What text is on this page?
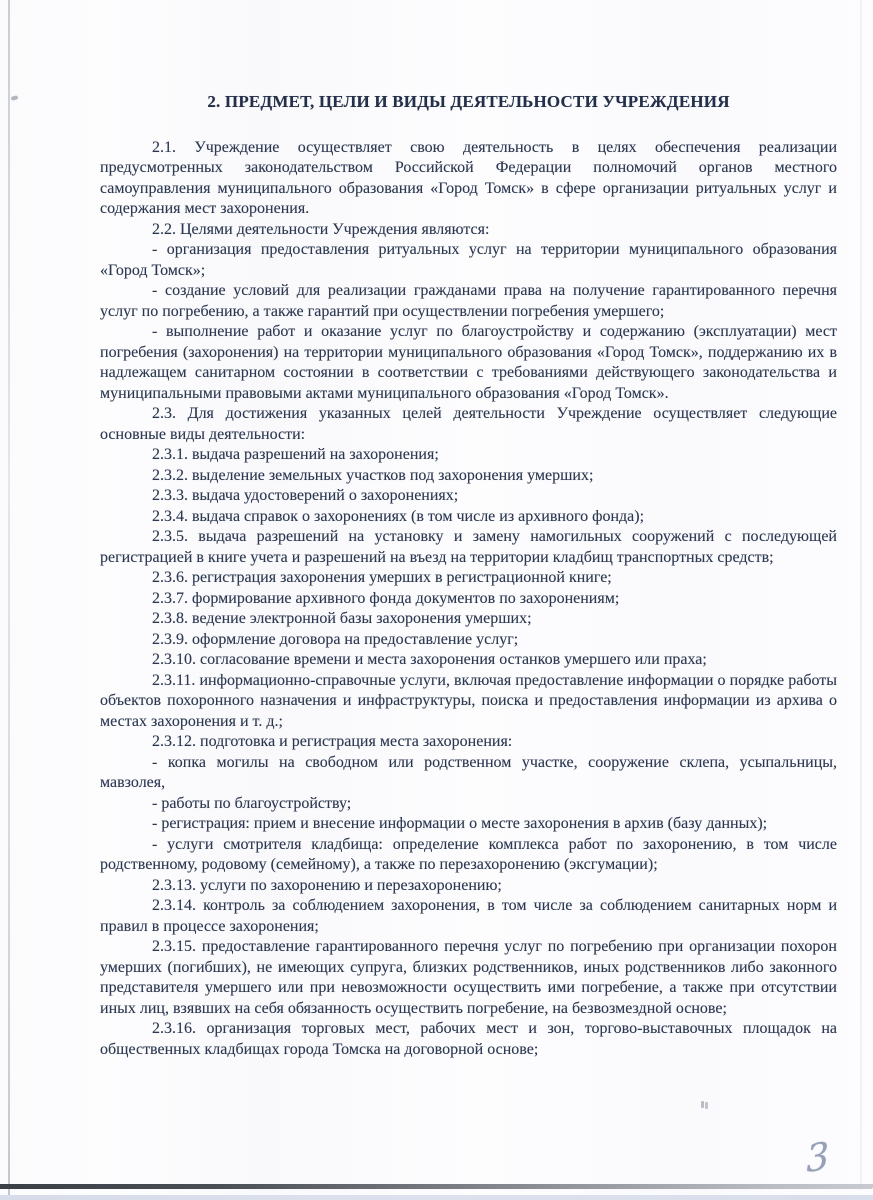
2. ПРЕДМЕТ, ЦЕЛИ И ВИДЫ ДЕЯТЕЛЬНОСТИ УЧРЕЖДЕНИЯ

2.1. Учреждение осуществляет свою деятельность в целях обеспечения реализации предусмотренных законодательством Российской Федерации полномочий органов местного самоуправления муниципального образования «Город Томск» в сфере организации ритуальных услуг и содержания мест захоронения.

2.2. Целями деятельности Учреждения являются:

- организация предоставления ритуальных услуг на территории муниципального образования «Город Томск»;

- создание условий для реализации гражданами права на получение гарантированного перечня услуг по погребению, а также гарантий при осуществлении погребения умершего;

- выполнение работ и оказание услуг по благоустройству и содержанию (эксплуатации) мест погребения (захоронения) на территории муниципального образования «Город Томск», поддержанию их в надлежащем санитарном состоянии в соответствии с требованиями действующего законодательства и муниципальными правовыми актами муниципального образования «Город Томск».

2.3. Для достижения указанных целей деятельности Учреждение осуществляет следующие основные виды деятельности:

2.3.1. выдача разрешений на захоронения;

2.3.2. выделение земельных участков под захоронения умерших;

2.3.3. выдача удостоверений о захоронениях;

2.3.4. выдача справок о захоронениях (в том числе из архивного фонда);

2.3.5. выдача разрешений на установку и замену намогильных сооружений с последующей регистрацией в книге учета и разрешений на въезд на территории кладбищ транспортных средств;

2.3.6. регистрация захоронения умерших в регистрационной книге;

2.3.7. формирование архивного фонда документов по захоронениям;

2.3.8. ведение электронной базы захоронения умерших;

2.3.9. оформление договора на предоставление услуг;

2.3.10. согласование времени и места захоронения останков умершего или праха;

2.3.11. информационно-справочные услуги, включая предоставление информации о порядке работы объектов похоронного назначения и инфраструктуры, поиска и предоставления информации из архива о местах захоронения и т. д.;

2.3.12. подготовка и регистрация места захоронения:

- копка могилы на свободном или родственном участке, сооружение склепа, усыпальницы, мавзолея,

- работы по благоустройству;

- регистрация: прием и внесение информации о месте захоронения в архив (базу данных);

- услуги смотрителя кладбища: определение комплекса работ по захоронению, в том числе родственному, родовому (семейному), а также по перезахоронению (эксгумации);

2.3.13. услуги по захоронению и перезахоронению;

2.3.14. контроль за соблюдением захоронения, в том числе за соблюдением санитарных норм и правил в процессе захоронения;

2.3.15. предоставление гарантированного перечня услуг по погребению при организации похорон умерших (погибших), не имеющих супруга, близких родственников, иных родственников либо законного представителя умершего или при невозможности осуществить ими погребение, а также при отсутствии иных лиц, взявших на себя обязанность осуществить погребение, на безвозмездной основе;

2.3.16. организация торговых мест, рабочих мест и зон, торгово-выставочных площадок на общественных кладбищах города Томска на договорной основе;

3
